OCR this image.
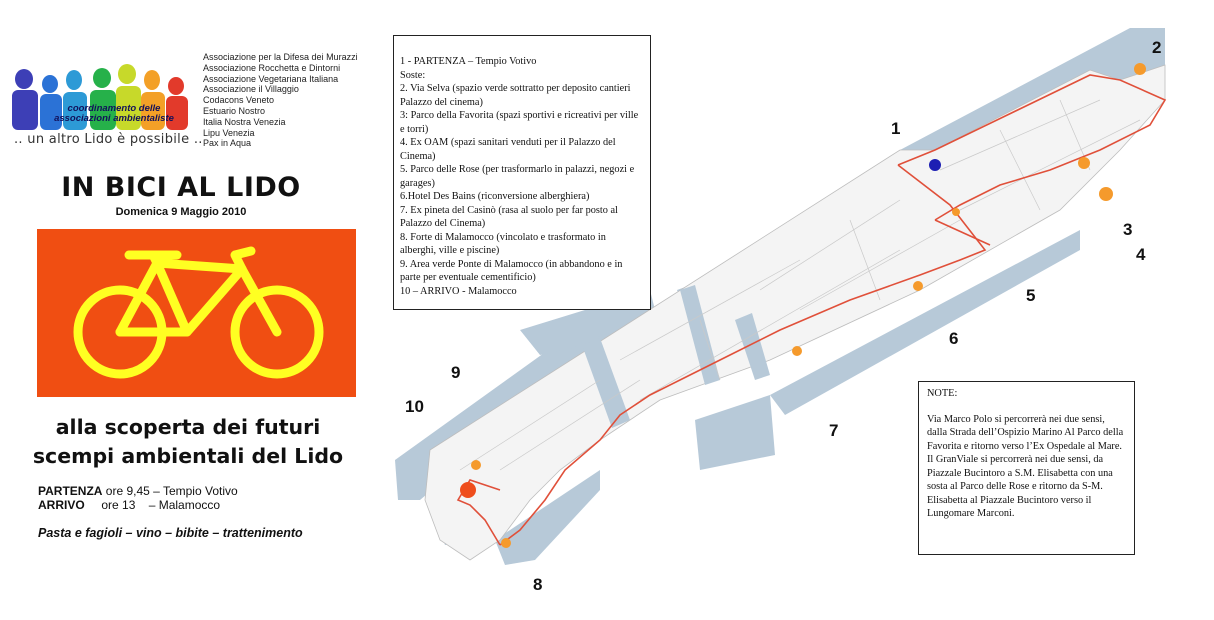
coordinamento delle associazioni ambientaliste
.. un altro Lido è possibile ..
Associazione per la Difesa dei Murazzi
Associazione Rocchetta e Dintorni
Associazione Vegetariana Italiana
Associazione il Villaggio
Codacons Veneto
Estuario Nostro
Italia Nostra Venezia
Lipu Venezia
Pax in Aqua
IN BICI AL LIDO
Domenica 9 Maggio 2010
alla scoperta dei futuri
scempi ambientali del Lido
PARTENZA ore 9,45 – Tempio Votivo
ARRIVO ore 13    – Malamocco
Pasta e fagioli – vino – bibite – trattenimento
1
2
3
4
5
6
7
8
9
10
1 - PARTENZA – Tempio Votivo
Soste:
2. Via Selva (spazio verde sottratto per deposito cantieri Palazzo del cinema)
3: Parco della Favorita (spazi sportivi e ricreativi per ville e torri)
4. Ex OAM (spazi sanitari venduti per il Palazzo del Cinema)
5. Parco delle Rose (per trasformarlo in palazzi, negozi e garages)
6.Hotel Des Bains (riconversione alberghiera)
7. Ex pineta del Casinò (rasa al suolo per far posto al Palazzo del Cinema)
8. Forte di Malamocco (vincolato e trasformato in alberghi, ville e piscine)
9. Area verde Ponte di Malamocco (in abbandono e in parte per eventuale cementificio)
10 – ARRIVO - Malamocco
NOTE:
Via Marco Polo si percorrerà nei due sensi, dalla Strada dell’Ospizio Marino Al Parco della Favorita e ritorno verso l’Ex Ospedale al Mare.
Il GranViale si percorrerà nei due sensi, da Piazzale Bucintoro a S.M. Elisabetta con una sosta al Parco delle Rose e ritorno da S-M. Elisabetta al Piazzale Bucintoro verso il Lungomare Marconi.
